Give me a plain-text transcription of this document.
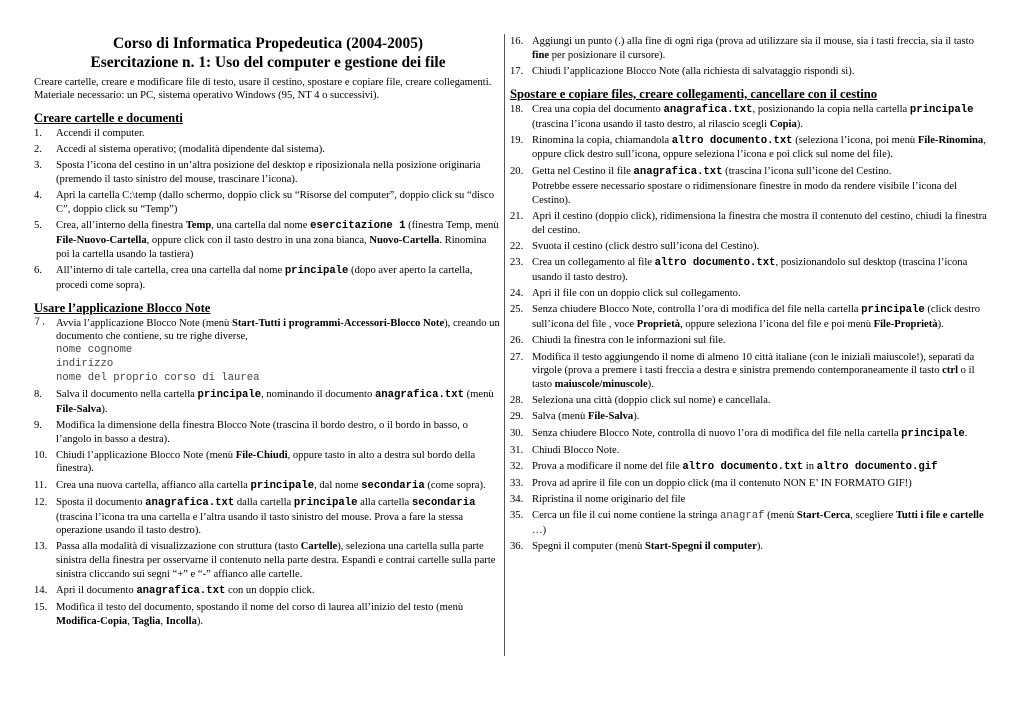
Corso di Informatica Propedeutica (2004-2005)
Esercitazione n. 1: Uso del computer e gestione dei file

Creare cartelle, creare e modificare file di testo, usare il cestino, spostare e copiare file, creare collegamenti. Materiale necessario: un PC, sistema operativo Windows (95, NT 4 o successivi).

Creare cartelle e documenti
1. Accendi il computer.
2. Accedi al sistema operativo; (modalità dipendente dal sistema).
3. Sposta l’icona del cestino in un’altra posizione del desktop e riposizionala nella posizione originaria (premendo il tasto sinistro del mouse, trascinare l’icona).
4. Apri la cartella C:\temp (dallo schermo, doppio click su “Risorse del computer”, doppio click su “disco C”, doppio click su “Temp”)
5. Crea, all’interno della finestra Temp, una cartella dal nome esercitazione 1 (finestra Temp, menù File-Nuovo-Cartella, oppure click con il tasto destro in una zona bianca, Nuovo-Cartella. Rinomina poi la cartella usando la tastiera)
6. All’interno di tale cartella, crea una cartella dal nome principale (dopo aver aperto la cartella, procedi come sopra).
Usare l’applicazione Blocco Note
7. Avvia l’applicazione Blocco Note (menù Start-Tutti i programmi-Accessori-Blocco Note), creando un documento che contiene, su tre righe diverse,
nome cognome
indirizzo
nome del proprio corso di laurea
8. Salva il documento nella cartella principale, nominando il documento anagrafica.txt (menù File-Salva).
9. Modifica la dimensione della finestra Blocco Note (trascina il bordo destro, o il bordo in basso, o l’angolo in basso a destra).
10. Chiudi l’applicazione Blocco Note (menù File-Chiudi, oppure tasto in alto a destra sul bordo della finestra).
11. Crea una nuova cartella, affianco alla cartella principale, dal nome secondaria (come sopra).
12. Sposta il documento anagrafica.txt dalla cartella principale alla cartella secondaria (trascina l’icona tra una cartella e l’altra usando il tasto sinistro del mouse. Prova a fare la stessa operazione usando il tasto destro).
13. Passa alla modalità di visualizzazione con struttura (tasto Cartelle), seleziona una cartella sulla parte sinistra della finestra per osservarne il contenuto nella parte destra. Espandi e contrai cartelle sulla parte sinistra cliccando sui segni “+” e “-” affianco alle cartelle.
14. Apri il documento anagrafica.txt con un doppio click.
15. Modifica il testo del documento, spostando il nome del corso di laurea all’inizio del testo (menù Modifica-Copia, Taglia, Incolla).
16. Aggiungi un punto (.) alla fine di ogni riga (prova ad utilizzare sia il mouse, sia i tasti freccia, sia il tasto fine per posizionare il cursore).
17. Chiudi l’applicazione Blocco Note (alla richiesta di salvataggio rispondi sì).
Spostare e copiare files, creare collegamenti, cancellare con il cestino
18. Crea una copia del documento anagrafica.txt, posizionando la copia nella cartella principale (trascina l’icona usando il tasto destro, al rilascio scegli Copia).
19. Rinomina la copia, chiamandola altro documento.txt (seleziona l’icona, poi menù File-Rinomina, oppure click destro sull’icona, oppure seleziona l’icona e poi click sul nome del file).
20. Getta nel Cestino il file anagrafica.txt (trascina l’icona sull’icone del Cestino.
Potrebbe essere necessario spostare o ridimensionare finestre in modo da rendere visibile l’icona del Cestino).
21. Apri il cestino (doppio click), ridimensiona la finestra che mostra il contenuto del cestino, chiudi la finestra del cestino.
22. Svuota il cestino (click destro sull’icona del Cestino).
23. Crea un collegamento al file altro documento.txt, posizionandolo sul desktop (trascina l’icona usando il tasto destro).
24. Apri il file con un doppio click sul collegamento.
25. Senza chiudere Blocco Note, controlla l’ora di modifica del file nella cartella principale (click destro sull’icona del file , voce Proprietà, oppure seleziona l’icona del file e poi menù File-Proprietà).
26. Chiudi la finestra con le informazioni sul file.
27. Modifica il testo aggiungendo il nome di almeno 10 città italiane (con le iniziali maiuscole!), separati da virgole (prova a premere i tasti freccia a destra e sinistra premendo contemporaneamente il tasto ctrl o il tasto maiuscole/minuscole).
28. Seleziona una città (doppio click sul nome) e cancellala.
29. Salva (menù File-Salva).
30. Senza chiudere Blocco Note, controlla di nuovo l’ora di modifica del file nella cartella principale.
31. Chiudi Blocco Note.
32. Prova a modificare il nome del file altro documento.txt in altro documento.gif
33. Prova ad aprire il file con un doppio click (ma il contenuto NON E’ IN FORMATO GIF!)
34. Ripristina il nome originario del file
35. Cerca un file il cui nome contiene la stringa anagraf (menù Start-Cerca, scegliere Tutti i file e cartelle …)
36. Spegni il computer (menù Start-Spegni il computer).
